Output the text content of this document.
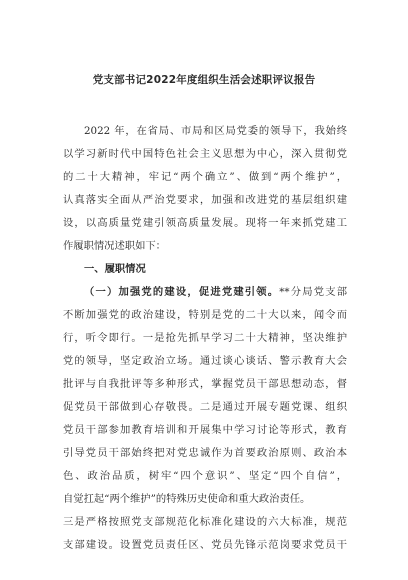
党支部书记2022年度组织生活会述职评议报告
2022 年，在省局、市局和区局党委的领导下，我始终
以学习新时代中国特色社会主义思想为中心，深入贯彻党
的二十大精神，牢记“两个确立”、做到“两个维护”，
认真落实全面从严治党要求，加强和改进党的基层组织建
设，以高质量党建引领高质量发展。现将一年来抓党建工
作履职情况述职如下：
一、履职情况
（一）加强党的建设，促进党建引领。**分局党支部
不断加强党的政治建设，特别是党的二十大以来，闻令而
行，听令即行。一是抢先抓早学习二十大精神，坚决维护
党的领导，坚定政治立场。通过谈心谈话、警示教育大会
批评与自我批评等多种形式，掌握党员干部思想动态，督
促党员干部做到心存敬畏。二是通过开展专题党课、组织
党员干部参加教育培训和开展集中学习讨论等形式，教育
引导党员干部始终把对党忠诚作为首要政治原则、政治本
色、政治品质，树牢“四个意识”、坚定“四个自信”，
自觉扛起“两个维护”的特殊历史使命和重大政治责任。
三是严格按照党支部规范化标准化建设的六大标准，规范
支部建设。设置党员责任区、党员先锋示范岗要求党员干
